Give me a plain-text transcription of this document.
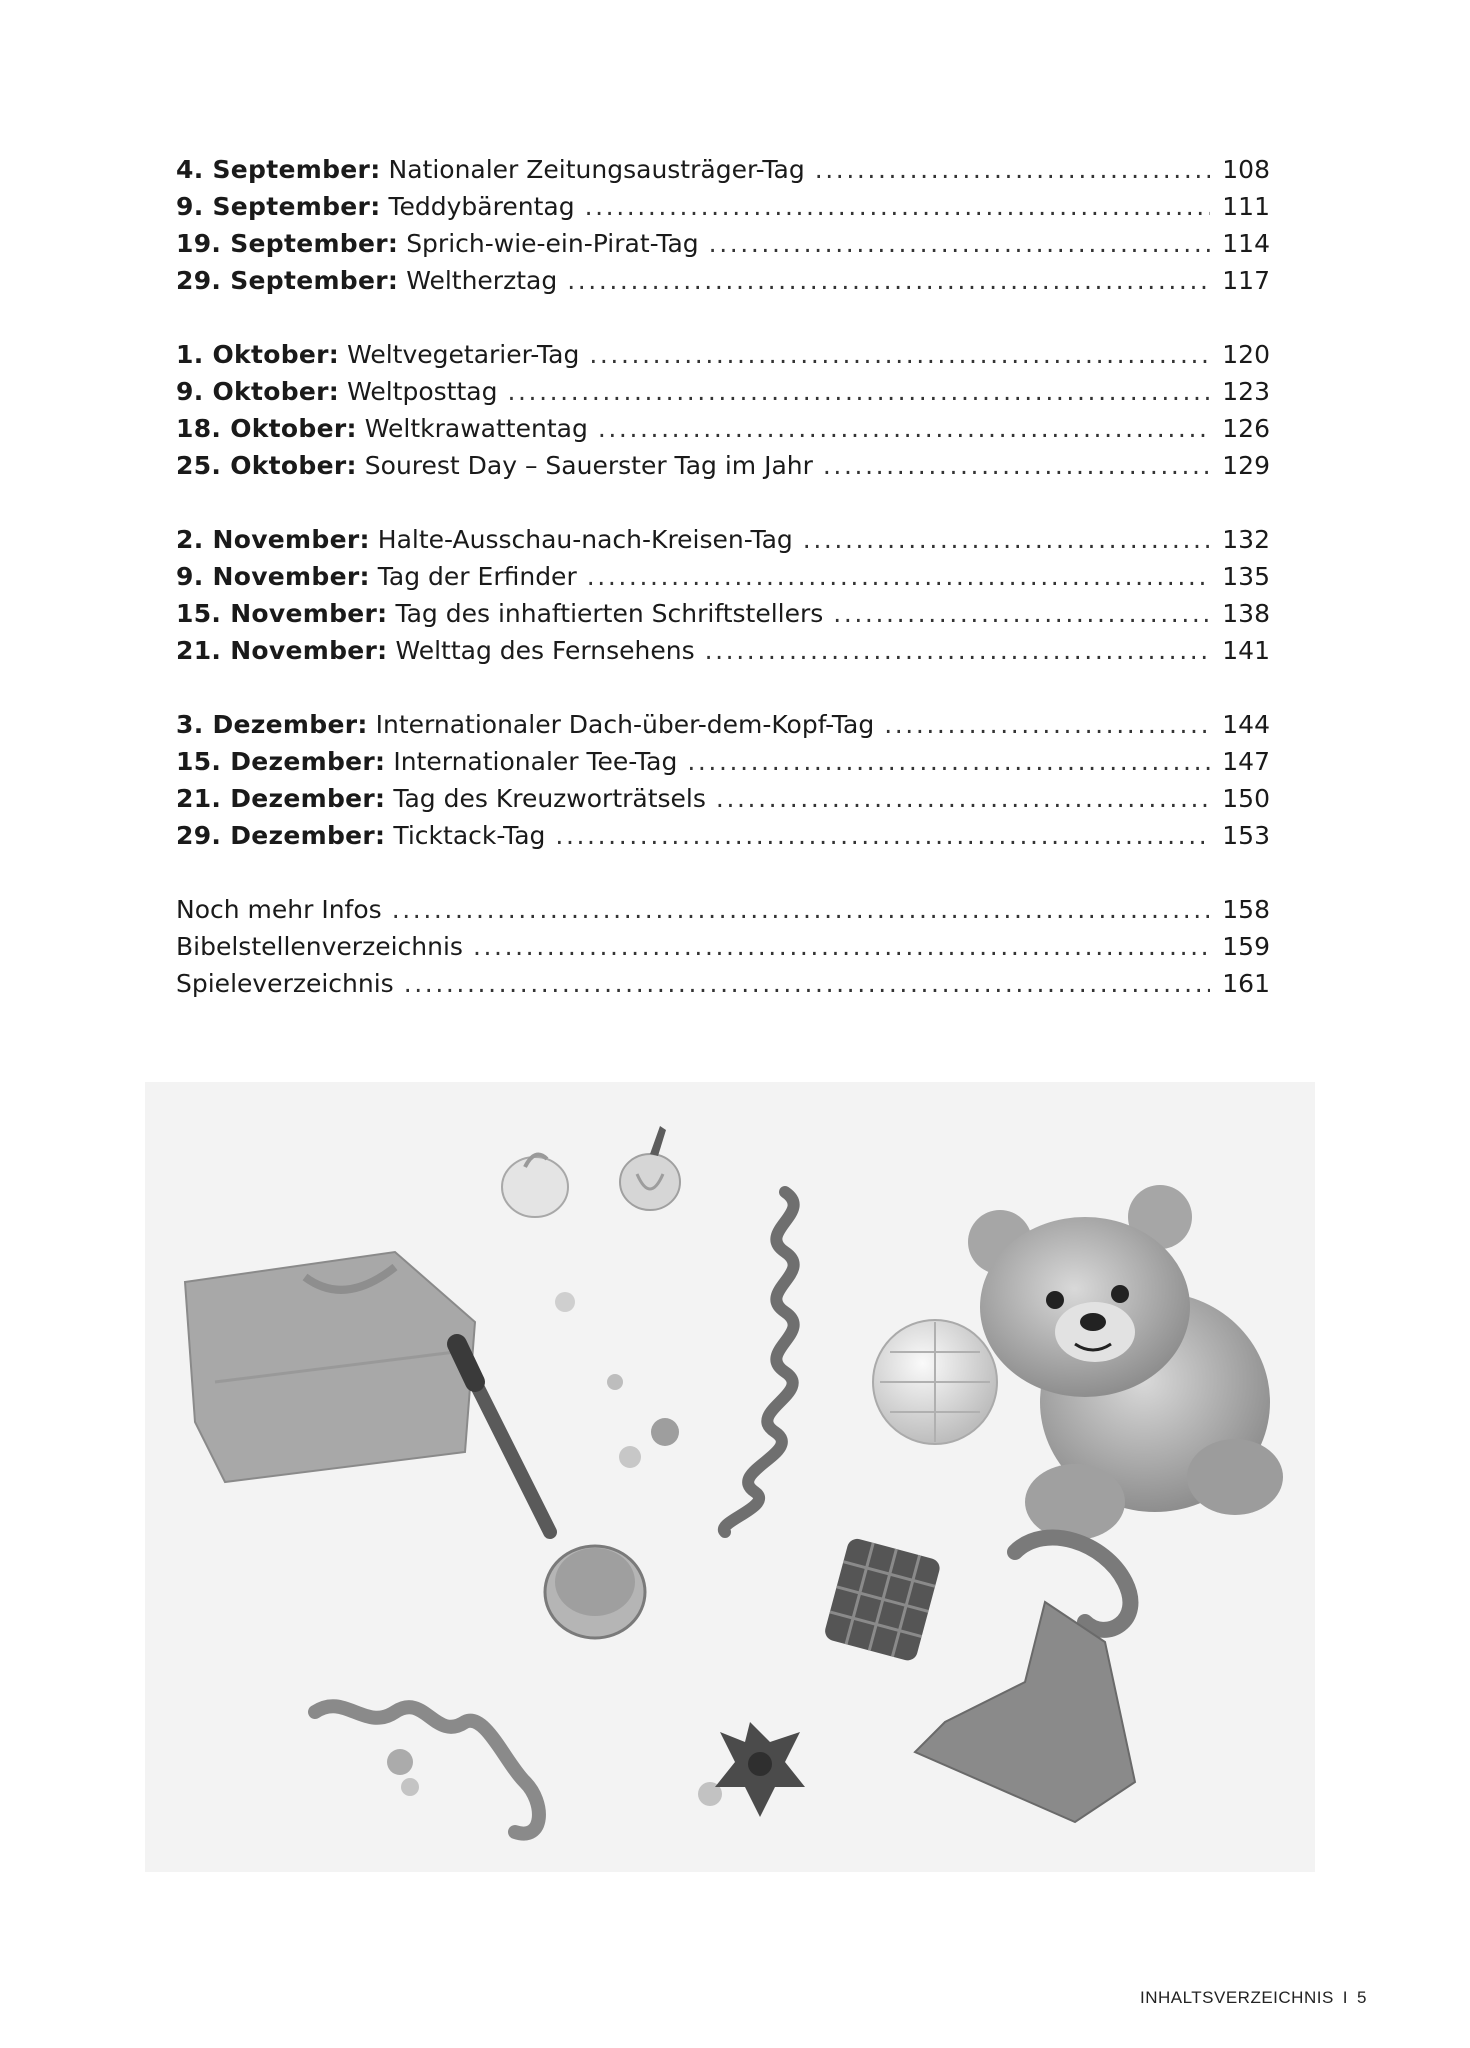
4. September: Nationaler Zeitungsausträger-Tag .....	108
9. September: Teddybärentag .....	111
19. September: Sprich-wie-ein-Pirat-Tag .....	114
29. September: Weltherztag .....	117
1. Oktober: Weltvegetarier-Tag .....	120
9. Oktober: Weltposttag .....	123
18. Oktober: Weltkrawattentag .....	126
25. Oktober: Sourest Day – Sauerster Tag im Jahr .....	129
2. November: Halte-Ausschau-nach-Kreisen-Tag .....	132
9. November: Tag der Erfinder .....	135
15. November: Tag des inhaftierten Schriftstellers .....	138
21. November: Welttag des Fernsehens .....	141
3. Dezember: Internationaler Dach-über-dem-Kopf-Tag .....	144
15. Dezember: Internationaler Tee-Tag .....	147
21. Dezember: Tag des Kreuzworträtsels .....	150
29. Dezember: Ticktack-Tag .....	153
Noch mehr Infos .....	158
Bibelstellenverzeichnis .....	159
Spieleverzeichnis .....	161
INHALTSVERZEICHNIS I 5
